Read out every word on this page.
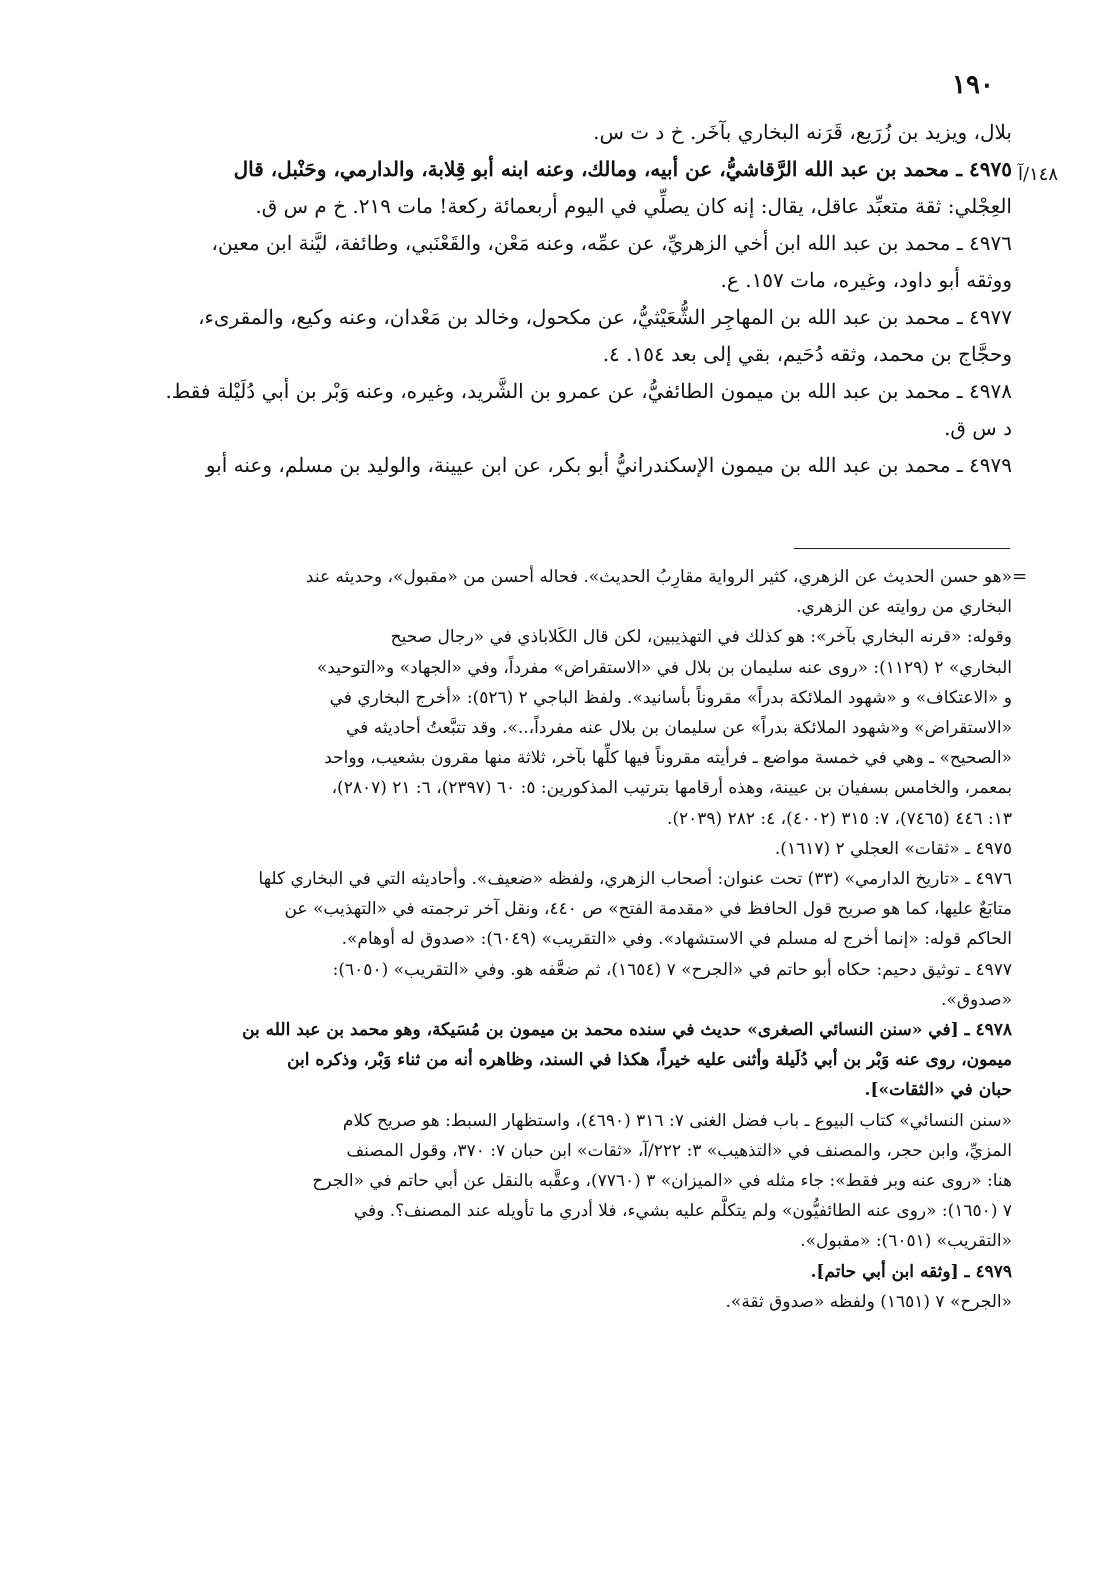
١٩٠
١٤٨/آ
بلال، ويزيد بن زُرَيع، قَرَنه البخاري بآخَر. خ د ت س.
٤٩٧٥ ـ محمد بن عبد الله الرَّقاشيُّ، عن أبيه، ومالك، وعنه ابنه أبو قِلابة، والدارمي، وحَنْبل، قال
العِجْلي: ثقة متعبِّد عاقل، يقال: إنه كان يصلِّي في اليوم أربعمائة ركعة! مات ٢١٩. خ م س ق.
٤٩٧٦ ـ محمد بن عبد الله ابن أخي الزهريِّ، عن عمِّه، وعنه مَعْن، والقَعْنَبي، وطائفة، ليَّنة ابن معين،
ووثقه أبو داود، وغيره، مات ١٥٧. ع.
٤٩٧٧ ـ محمد بن عبد الله بن المهاجِر الشُّعَيْثيُّ، عن مكحول، وخالد بن مَعْدان، وعنه وكيع، والمقرىء،
وحجَّاج بن محمد، وثقه دُحَيم، بقي إلى بعد ١٥٤. ٤.
٤٩٧٨ ـ محمد بن عبد الله بن ميمون الطائفيُّ، عن عمرو بن الشَّريد، وغيره، وعنه وَبْر بن أبي دُلَيْلة فقط.
د س ق.
٤٩٧٩ ـ محمد بن عبد الله بن ميمون الإسكندرانيُّ أبو بكر، عن ابن عيينة، والوليد بن مسلم، وعنه أبو
=
«هو حسن الحديث عن الزهري، كثير الرواية مقارِبُ الحديث». فحاله أحسن من «مقبول»، وحديثه عند
البخاري من روايته عن الزهري.
وقوله: «قرنه البخاري بآخر»: هو كذلك في التهذيبين، لكن قال الكَلاباذي في «رجال صحيح
البخاري» ٢ (١١٢٩): «روى عنه سليمان بن بلال في «الاستقراض» مفرداً، وفي «الجهاد» و«التوحيد»
و «الاعتكاف» و «شهود الملائكة بدراً» مقروناً بأسانيد». ولفظ الباجي ٢ (٥٢٦): «أخرج البخاري في
«الاستقراض» و«شهود الملائكة بدراً» عن سليمان بن بلال عنه مفرداً،..». وقد تتبَّعتُ أحاديثه في
«الصحيح» ـ وهي في خمسة مواضع ـ فرأيته مقروناً فيها كلِّها بآخر، ثلاثة منها مقرون بشعيب، وواحد
بمعمر، والخامس بسفيان بن عيينة، وهذه أرقامها بترتيب المذكورين: ٥: ٦٠ (٢٣٩٧)، ٦: ٢١ (٢٨٠٧)،
١٣: ٤٤٦ (٧٤٦٥)، ٧: ٣١٥ (٤٠٠٢)، ٤: ٢٨٢ (٢٠٣٩).
٤٩٧٥ ـ «ثقات» العجلي ٢ (١٦١٧).
٤٩٧٦ ـ «تاريخ الدارمي» (٣٣) تحت عنوان: أصحاب الزهري، ولفظه «ضعيف». وأحاديثه التي في البخاري كلها
متابَعٌ عليها، كما هو صريح قول الحافظ في «مقدمة الفتح» ص ٤٤٠، ونقل آخر ترجمته في «التهذيب» عن
الحاكم قوله: «إنما أخرج له مسلم في الاستشهاد». وفي «التقريب» (٦٠٤٩): «صدوق له أوهام».
٤٩٧٧ ـ توثيق دحيم: حكاه أبو حاتم في «الجرح» ٧ (١٦٥٤)، ثم ضعَّفه هو. وفي «التقريب» (٦٠٥٠):
«صدوق».
٤٩٧٨ ـ [في «سنن النسائي الصغرى» حديث في سنده محمد بن ميمون بن مُسَيكة، وهو محمد بن عبد الله بن
ميمون، روى عنه وَبْر بن أبي دُلَيلة وأثنى عليه خيراً، هكذا في السند، وظاهره أنه من ثناء وَبْر، وذكره ابن
حبان في «الثقات»].
«سنن النسائي» كتاب البيوع ـ باب فضل الغنى ٧: ٣١٦ (٤٦٩٠)، واستظهار السبط: هو صريح كلام
المزيِّ، وابن حجر، والمصنف في «التذهيب» ٣: ٢٢٢/آ، «ثقات» ابن حبان ٧: ٣٧٠، وقول المصنف
هنا: «روى عنه وبر فقط»: جاء مثله في «الميزان» ٣ (٧٧٦٠)، وعقَّبه بالنقل عن أبي حاتم في «الجرح
٧ (١٦٥٠): «روى عنه الطائفيُّون» ولم يتكلَّم عليه بشيء، فلا أدري ما تأويله عند المصنف؟. وفي
«التقريب» (٦٠٥١): «مقبول».
٤٩٧٩ ـ [وثقه ابن أبي حاتم].
«الجرح» ٧ (١٦٥١) ولفظه «صدوق ثقة».
